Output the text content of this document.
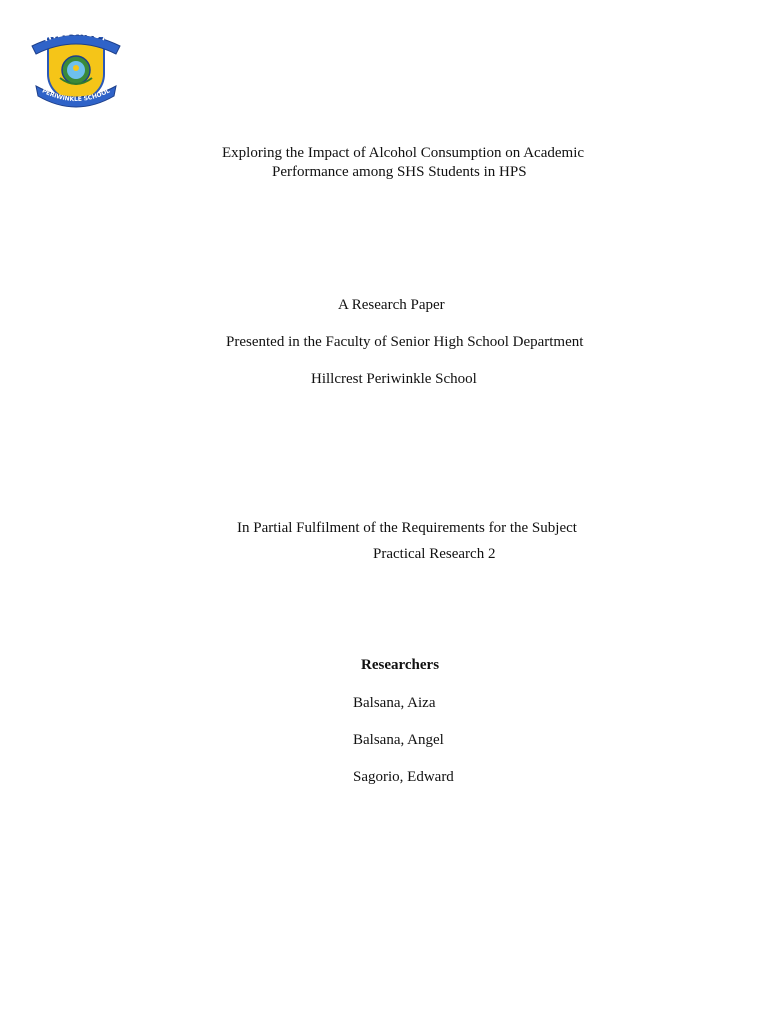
HILLCREST
PERIWINKLE SCHOOL
Exploring the Impact of Alcohol Consumption on Academic
Performance among SHS Students in HPS
A Research Paper
Presented in the Faculty of Senior High School Department
Hillcrest Periwinkle School
In Partial Fulfilment of the Requirements for the Subject
Practical Research 2
Researchers
Balsana, Aiza
Balsana, Angel
Sagorio, Edward
